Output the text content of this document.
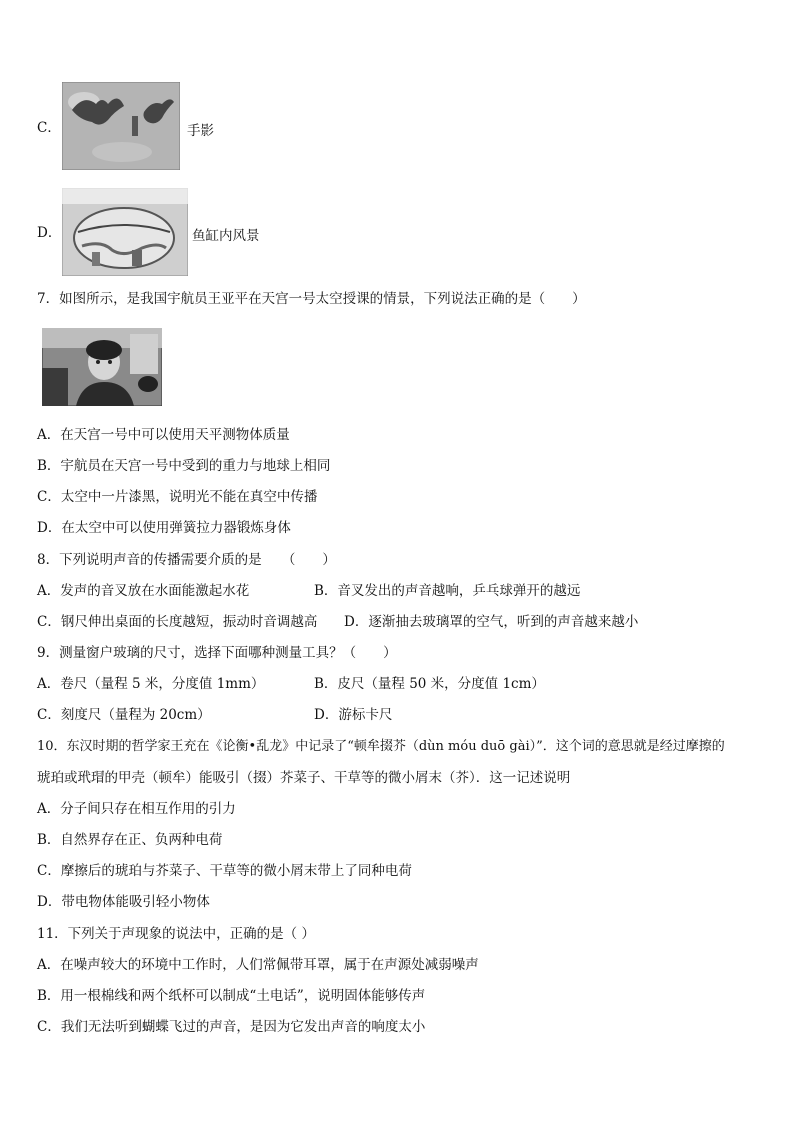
C．	手影
D．	鱼缸内风景
7．如图所示，是我国宇航员王亚平在天宫一号太空授课的情景，下列说法正确的是（　　）
A．在天宫一号中可以使用天平测物体质量
B．宇航员在天宫一号中受到的重力与地球上相同
C．太空中一片漆黑，说明光不能在真空中传播
D．在太空中可以使用弹簧拉力器锻炼身体
8．下列说明声音的传播需要介质的是　　（　　）
A．发声的音叉放在水面能激起水花	B．音叉发出的声音越响，乒乓球弹开的越远
C．钢尺伸出桌面的长度越短，振动时音调越高 D．逐渐抽去玻璃罩的空气，听到的声音越来越小
9．测量窗户玻璃的尺寸，选择下面哪种测量工具？（　　）
A．卷尺（量程 5 米，分度值 1mm）	B．皮尺（量程 50 米，分度值 1cm）
C．刻度尺（量程为 20cm）	D．游标卡尺
10．东汉时期的哲学家王充在《论衡•乱龙》中记录了“顿牟掇芥（dùn móu duō gài）”．这个词的意思就是经过摩擦的
琥珀或玳瑁的甲壳（顿牟）能吸引（掇）芥菜子、干草等的微小屑末（芥）．这一记述说明
A．分子间只存在相互作用的引力
B．自然界存在正、负两种电荷
C．摩擦后的琥珀与芥菜子、干草等的微小屑末带上了同种电荷
D．带电物体能吸引轻小物体
11．下列关于声现象的说法中，正确的是（ ）
A．在噪声较大的环境中工作时，人们常佩带耳罩，属于在声源处减弱噪声
B．用一根棉线和两个纸杯可以制成“土电话”，说明固体能够传声
C．我们无法听到蝴蝶飞过的声音，是因为它发出声音的响度太小
